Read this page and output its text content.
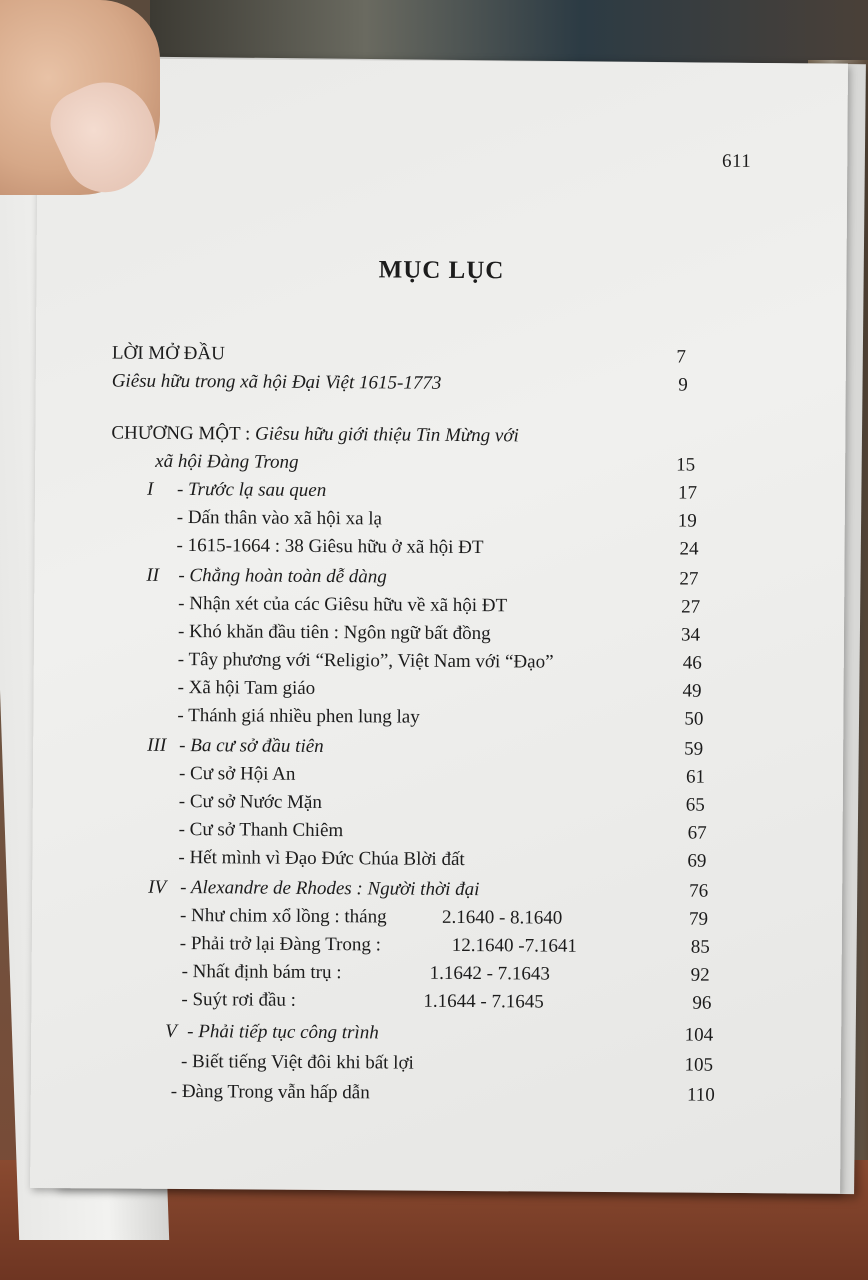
611
MỤC LỤC
LỜI MỞ ĐẦU	7
Giêsu hữu trong xã hội Đại Việt 1615-1773	9
CHƯƠNG MỘT : Giêsu hữu giới thiệu Tin Mừng với
xã hội Đàng Trong	15
I - Trước lạ sau quen	17
- Dấn thân vào xã hội xa lạ	19
- 1615-1664 : 38 Giêsu hữu ở xã hội ĐT	24
II - Chẳng hoàn toàn dễ dàng	27
- Nhận xét của các Giêsu hữu về xã hội ĐT	27
- Khó khăn đầu tiên : Ngôn ngữ bất đồng	34
- Tây phương với “Religio”, Việt Nam với “Đạo”	46
- Xã hội Tam giáo	49
- Thánh giá nhiều phen lung lay	50
III - Ba cư sở đầu tiên	59
- Cư sở Hội An	61
- Cư sở Nước Mặn	65
- Cư sở Thanh Chiêm	67
- Hết mình vì Đạo Đức Chúa Blời đất	69
IV - Alexandre de Rhodes : Người thời đại	76
- Như chim xổ lồng : tháng	2.1640 - 8.1640	79
- Phải trở lại Đàng Trong :	12.1640 -7.1641	85
- Nhất định bám trụ :	1.1642 - 7.1643	92
- Suýt rơi đầu :	1.1644 - 7.1645	96
V - Phải tiếp tục công trình	104
- Biết tiếng Việt đôi khi bất lợi	105
- Đàng Trong vẫn hấp dẫn	110
